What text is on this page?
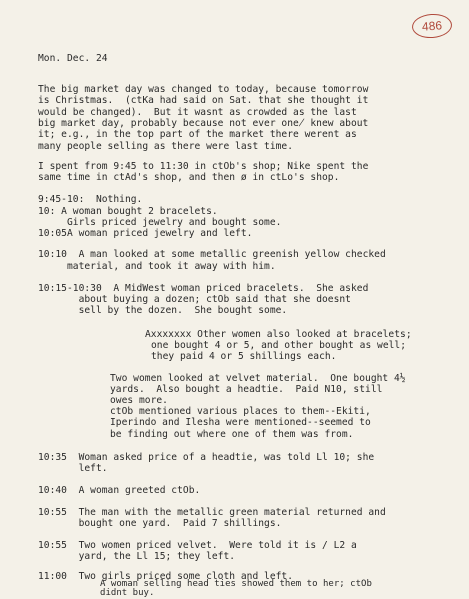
486
Mon. Dec. 24
The big market day was changed to today, because tomorrow
is Christmas.  (ctKa had said on Sat. that she thought it
would be changed).  But it wasnt as crowded as the last
big market day, probably because not ever one̸ knew about
it; e.g., in the top part of the market there werent as
many people selling as there were last time.
I spent from 9:45 to 11:30 in ctOb's shop; Nike spent the
same time in ctAd's shop, and then ø in ctLo's shop.
9:45-10:  Nothing.
10: A woman bought 2 bracelets.
Girls priced jewelry and bought some.
10:05A woman priced jewelry and left.
10:10  A man looked at some metallic greenish yellow checked
material, and took it away with him.
10:15-10:30  A MidWest woman priced bracelets.  She asked
about buying a dozen; ctOb said that she doesnt
sell by the dozen.  She bought some.
Axxxxxxx Other women also looked at bracelets;
one bought 4 or 5, and other bought as well;
they paid 4 or 5 shillings each.
Two women looked at velvet material.  One bought 4½
yards.  Also bought a headtie.  Paid N10, still
owes more.
ctOb mentioned various places to them--Ekiti,
Iperindo and Ilesha were mentioned--seemed to
be finding out where one of them was from.
10:35  Woman asked price of a headtie, was told Ll 10; she
left.
10:40  A woman greeted ctOb.
10:55  The man with the metallic green material returned and
bought one yard.  Paid 7 shillings.
10:55  Two women priced velvet.  Were told it is / L2 a
yard, the Ll 15; they left.
11:00  Two girls priced some cloth and left.
A woman selling head ties showed them to her; ctOb
didnt buy.
